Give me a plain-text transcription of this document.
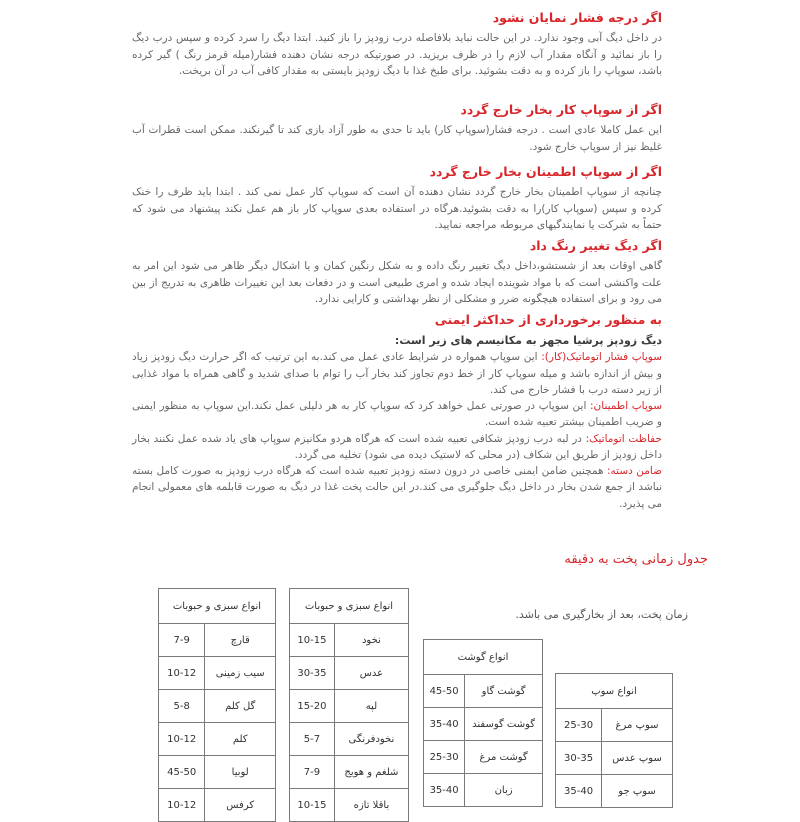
اگر درجه فشار نمایان نشود

در داخل دیگ آبی وجود ندارد. در این حالت نباید بلافاصله درب زودپز را باز کنید. ابتدا دیگ را سرد کرده و سپس درب دیگ را باز نمائید و آنگاه مقدار آب لازم را در ظرف بریزید. در صورتیکه درجه نشان دهنده فشار(میله قرمز رنگ ) گیر کرده باشد، سوپاپ را باز کرده و به دقت بشوئید. برای طبخ غذا با دیگ زودپز بایستی به مقدار کافی آب در آن بریخت.

اگر از سوپاپ کار بخار خارج گردد

این عمل کاملا عادی است . درجه فشار(سوپاپ کار) باید تا حدی به طور آزاد بازی کند تا گیرنکند. ممکن است قطرات آب غلیظ نیز از سوپاپ خارج شود.

اگر از سوپاپ اطمینان بخار خارج گردد

چنانچه از سوپاپ اطمینان بخار خارج گردد نشان دهنده آن است که سوپاپ کار عمل نمی کند . ابتدا باید ظرف را خنک کرده و سپس (سوپاپ کار)را به دقت بشوئید.هرگاه در استفاده بعدی سوپاپ کار باز هم عمل نکند پیشنهاد می شود که حتماً به شرکت یا نمایندگیهای مربوطه مراجعه نمایید.

اگر دیگ تغییر رنگ داد

گاهی اوقات بعد از شستشو،داخل دیگ تغییر رنگ داده و به شکل رنگین کمان و یا اشکال دیگر ظاهر می شود این امر به علت واکنشی است که با مواد شوینده ایجاد شده و امری طبیعی است و در دفعات بعد این تغییرات ظاهری به تدریج از بین می رود و برای استفاده هیچگونه ضرر و مشکلی از نظر بهداشتی و کارایی ندارد.

به منظور برخورداری از حداکثر ایمنی

دیگ زودپز پرشیا مجهز به مکانیسم های زیر است:

سوپاپ فشار اتوماتیک(کار): این سوپاپ همواره در شرایط عادی عمل می کند.به این ترتیب که اگر حرارت دیگ زودپز زیاد و بیش از اندازه باشد و میله سوپاپ کار از خط دوم تجاوز کند بخار آب را توام با صدای شدید و گاهی همراه با مواد غذایی از زیر دسته درب با فشار خارج می کند.

سوپاپ اطمینان: این سوپاپ در صورتی عمل خواهد کرد که سوپاپ کار به هر دلیلی عمل نکند.این سوپاپ به منظور ایمنی و ضریب اطمینان بیشتر تعبیه شده است.

حفاظت اتوماتیک: در لبه درب زودپز شکافی تعبیه شده است که هرگاه هردو مکانیزم سوپاپ های یاد شده عمل نکنند بخار داخل زودپز از طریق این شکاف (در محلی که لاستیک دیده می شود) تخلیه می گردد.

ضامن دسته: همچنین ضامن ایمنی خاصی در درون دسته زودپز تعبیه شده است که هرگاه درب زودپز به صورت کامل بسته نباشد از جمع شدن بخار در داخل دیگ جلوگیری می کند.در این حالت پخت غذا در دیگ به صورت قابلمه های معمولی انجام می پذیرد.

جدول زمانی پخت به دقیقه

زمان پخت، بعد از بخارگیری می باشد.

انواع سبزی و حبوبات	
قارچ	7-9
سیب زمینی	10-12
گل کلم	5-8
کلم	10-12
لوبیا	45-50
کرفس	10-12
انواع سبزی و حبوبات	
نخود	10-15
عدس	30-35
لپه	15-20
نخودفرنگی	5-7
شلغم و هویج	7-9
باقلا تازه	10-15
انواع گوشت	
گوشت گاو	45-50
گوشت گوسفند	35-40
گوشت مرغ	25-30
زبان	35-40
انواع سوپ	
سوپ مرغ	25-30
سوپ عدس	30-35
سوپ جو	35-40
